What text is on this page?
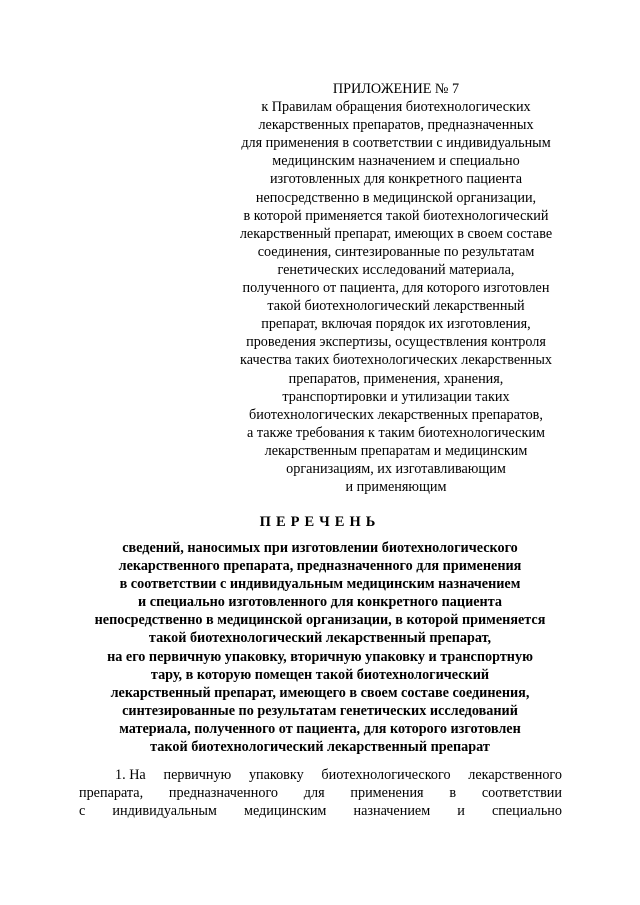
ПРИЛОЖЕНИЕ № 7
к Правилам обращения биотехнологических
лекарственных препаратов, предназначенных
для применения в соответствии с индивидуальным
медицинским назначением и специально
изготовленных для конкретного пациента
непосредственно в медицинской организации,
в которой применяется такой биотехнологический
лекарственный препарат, имеющих в своем составе
соединения, синтезированные по результатам
генетических исследований материала,
полученного от пациента, для которого изготовлен
такой биотехнологический лекарственный
препарат, включая порядок их изготовления,
проведения экспертизы, осуществления контроля
качества таких биотехнологических лекарственных
препаратов, применения, хранения,
транспортировки и утилизации таких
биотехнологических лекарственных препаратов,
а также требования к таким биотехнологическим
лекарственным препаратам и медицинским
организациям, их изготавливающим
и применяющим
ПЕРЕЧЕНЬ
сведений, наносимых при изготовлении биотехнологического
лекарственного препарата, предназначенного для применения
в соответствии с индивидуальным медицинским назначением
и специально изготовленного для конкретного пациента
непосредственно в медицинской организации, в которой применяется
такой биотехнологический лекарственный препарат,
на его первичную упаковку, вторичную упаковку и транспортную
тару, в которую помещен такой биотехнологический
лекарственный препарат, имеющего в своем составе соединения,
синтезированные по результатам генетических исследований
материала, полученного от пациента, для которого изготовлен
такой биотехнологический лекарственный препарат
1. На первичную упаковку биотехнологического лекарственного
препарата, предназначенного для применения в соответствии
с индивидуальным медицинским назначением и специально
